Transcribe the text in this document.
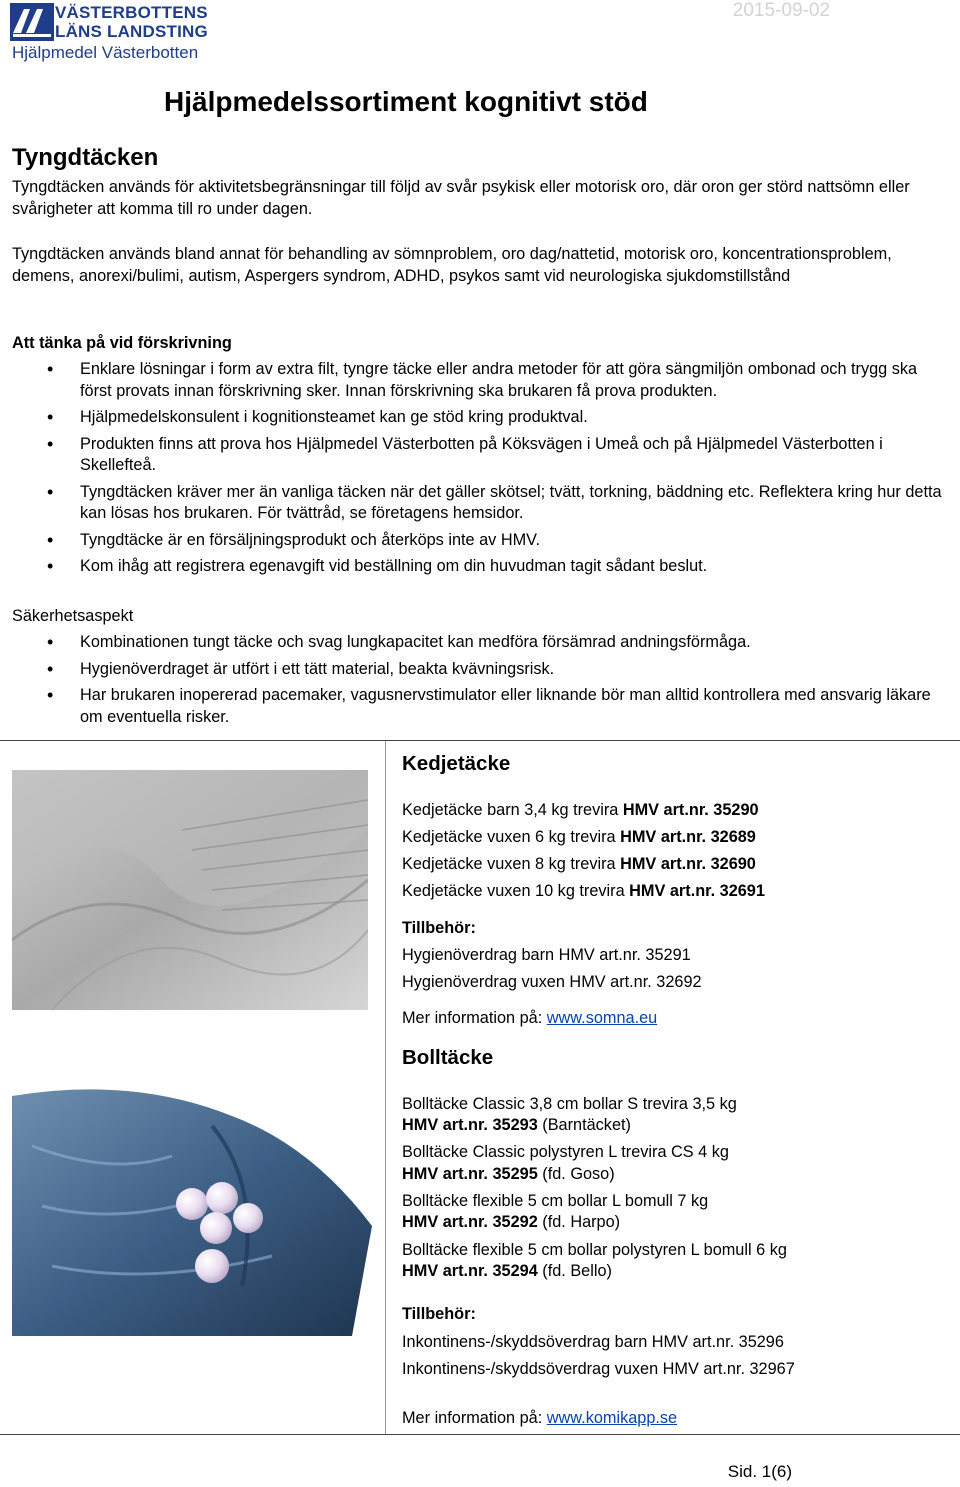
VÄSTERBOTTENS
LÄNS LANDSTING
Hjälpmedel Västerbotten
2015-09-02
Hjälpmedelssortiment kognitivt stöd
Tyngdtäcken
Tyngdtäcken används för aktivitetsbegränsningar till följd av svår psykisk eller motorisk oro, där oron ger störd nattsömn eller svårigheter att komma till ro under dagen.
Tyngdtäcken används bland annat för behandling av sömnproblem, oro dag/nattetid, motorisk oro, koncentrationsproblem, demens, anorexi/bulimi, autism, Aspergers syndrom, ADHD, psykos samt vid neurologiska sjukdomstillstånd
Att tänka på vid förskrivning
• Enklare lösningar i form av extra filt, tyngre täcke eller andra metoder för att göra sängmiljön ombonad och trygg ska först provats innan förskrivning sker. Innan förskrivning ska brukaren få prova produkten.
• Hjälpmedelskonsulent i kognitionsteamet kan ge stöd kring produktval.
• Produkten finns att prova hos Hjälpmedel Västerbotten på Köksvägen i Umeå och på Hjälpmedel Västerbotten i Skellefteå.
• Tyngdtäcken kräver mer än vanliga täcken när det gäller skötsel; tvätt, torkning, bäddning etc. Reflektera kring hur detta kan lösas hos brukaren. För tvättråd, se företagens hemsidor.
• Tyngdtäcke är en försäljningsprodukt och återköps inte av HMV.
• Kom ihåg att registrera egenavgift vid beställning om din huvudman tagit sådant beslut.
Säkerhetsaspekt
• Kombinationen tungt täcke och svag lungkapacitet kan medföra försämrad andningsförmåga.
• Hygienöverdraget är utfört i ett tätt material, beakta kvävningsrisk.
• Har brukaren inopererad pacemaker, vagusnervstimulator eller liknande bör man alltid kontrollera med ansvarig läkare om eventuella risker.
Kedjetäcke
Kedjetäcke barn 3,4 kg trevira HMV art.nr. 35290
Kedjetäcke vuxen 6 kg trevira HMV art.nr. 32689
Kedjetäcke vuxen 8 kg trevira HMV art.nr. 32690
Kedjetäcke vuxen 10 kg trevira HMV art.nr. 32691
Tillbehör:
Hygienöverdrag barn HMV art.nr. 35291
Hygienöverdrag vuxen HMV art.nr. 32692
Mer information på: www.somna.eu
Bolltäcke
Bolltäcke Classic 3,8 cm bollar S trevira 3,5 kg
HMV art.nr. 35293 (Barntäcket)
Bolltäcke Classic polystyren L trevira CS 4 kg
HMV art.nr. 35295 (fd. Goso)
Bolltäcke flexible 5 cm bollar L bomull 7 kg
HMV art.nr. 35292 (fd. Harpo)
Bolltäcke flexible 5 cm bollar polystyren L bomull 6 kg
HMV art.nr. 35294 (fd. Bello)
Tillbehör:
Inkontinens-/skyddsöverdrag barn HMV art.nr. 35296
Inkontinens-/skyddsöverdrag vuxen HMV art.nr. 32967
Mer information på: www.komikapp.se
Sid. 1(6)
